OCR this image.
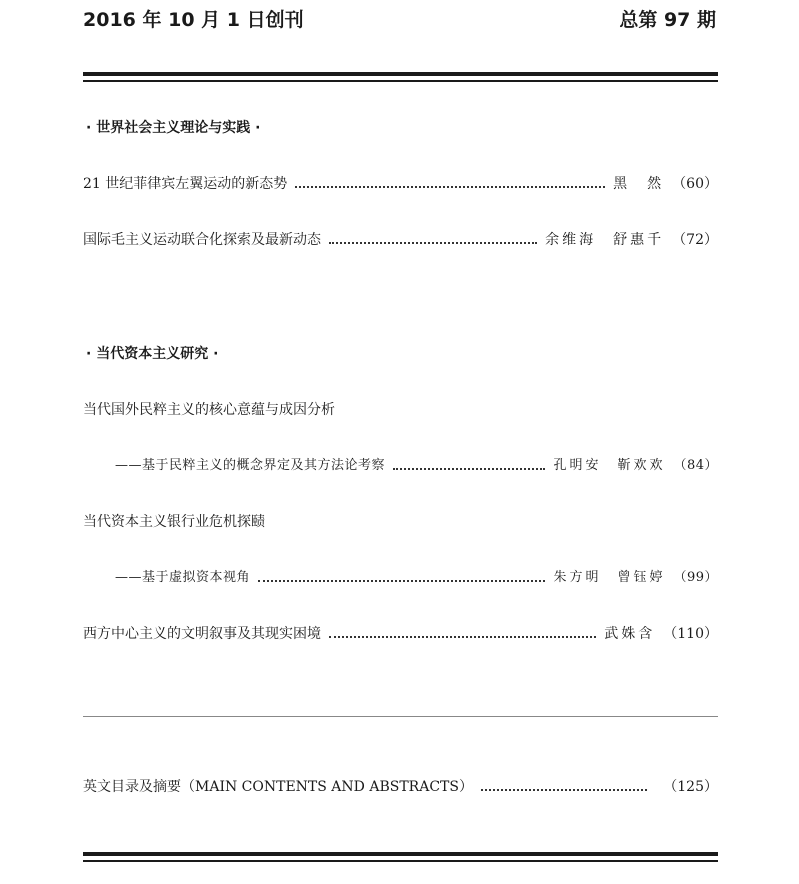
2016 年 10 月 1 日创刊	总第 97 期
· 世界社会主义理论与实践 ·
21 世纪菲律宾左翼运动的新态势	黑　然 （60）
国际毛主义运动联合化探索及最新动态	余维海　舒惠千 （72）
· 当代资本主义研究 ·
当代国外民粹主义的核心意蕴与成因分析
——基于民粹主义的概念界定及其方法论考察	孔明安　靳欢欢 （84）
当代资本主义银行业危机探赜
——基于虚拟资本视角	朱方明　曾钰婷 （99）
西方中心主义的文明叙事及其现实困境	武姝含 （110）
英文目录及摘要（MAIN CONTENTS AND ABSTRACTS）	（125）
